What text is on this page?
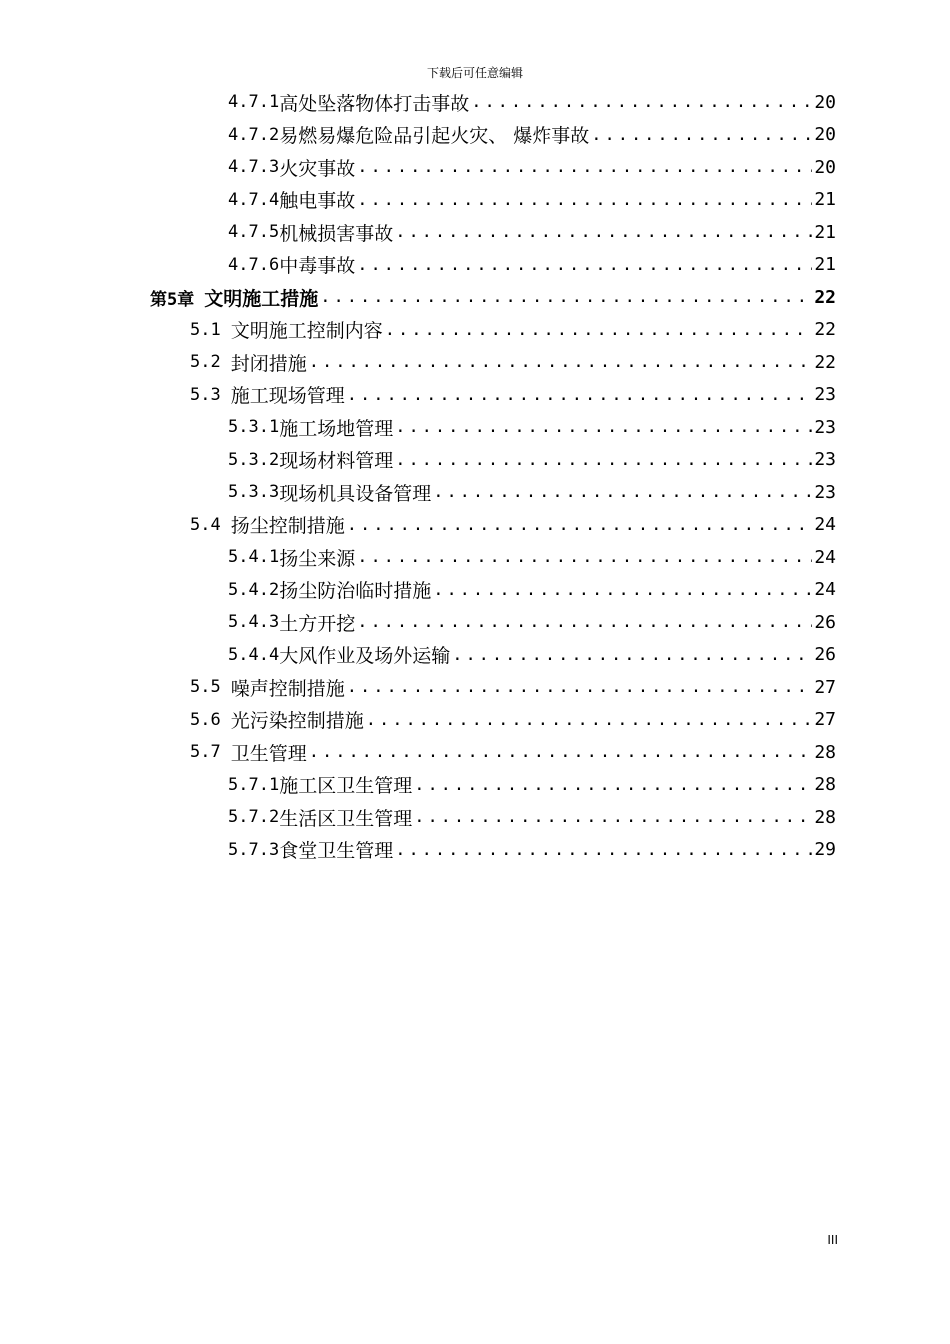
下载后可任意编辑
4.7.1 高处坠落物体打击事故 .....	20
4.7.2 易燃易爆危险品引起火灾、 爆炸事故 .....	20
4.7.3 火灾事故 .....	20
4.7.4 触电事故 .....	21
4.7.5 机械损害事故 .....	21
4.7.6 中毒事故 .....	21
第5章 文明施工措施 .....	22
5.1 文明施工控制内容 .....	22
5.2 封闭措施 .....	22
5.3 施工现场管理 .....	23
5.3.1 施工场地管理 .....	23
5.3.2 现场材料管理 .....	23
5.3.3 现场机具设备管理 .....	23
5.4 扬尘控制措施 .....	24
5.4.1 扬尘来源 .....	24
5.4.2 扬尘防治临时措施 .....	24
5.4.3 土方开挖 .....	26
5.4.4 大风作业及场外运输 .....	26
5.5 噪声控制措施 .....	27
5.6 光污染控制措施 .....	27
5.7 卫生管理 .....	28
5.7.1 施工区卫生管理 .....	28
5.7.2 生活区卫生管理 .....	28
5.7.3 食堂卫生管理 .....	29
III
